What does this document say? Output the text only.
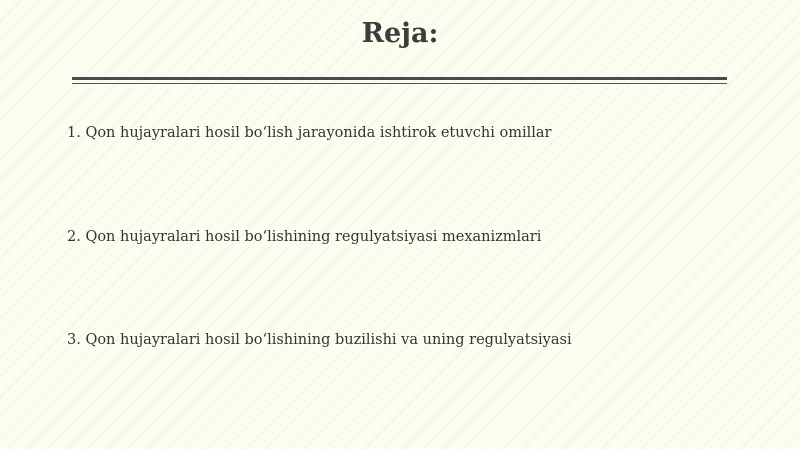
Reja:
1. Qon hujayralari hosil bo‘lish jarayonida ishtirok etuvchi omillar
2. Qon hujayralari hosil bo‘lishining regulyatsiyasi mexanizmlari
3. Qon hujayralari hosil bo‘lishining buzilishi va uning regulyatsiyasi
